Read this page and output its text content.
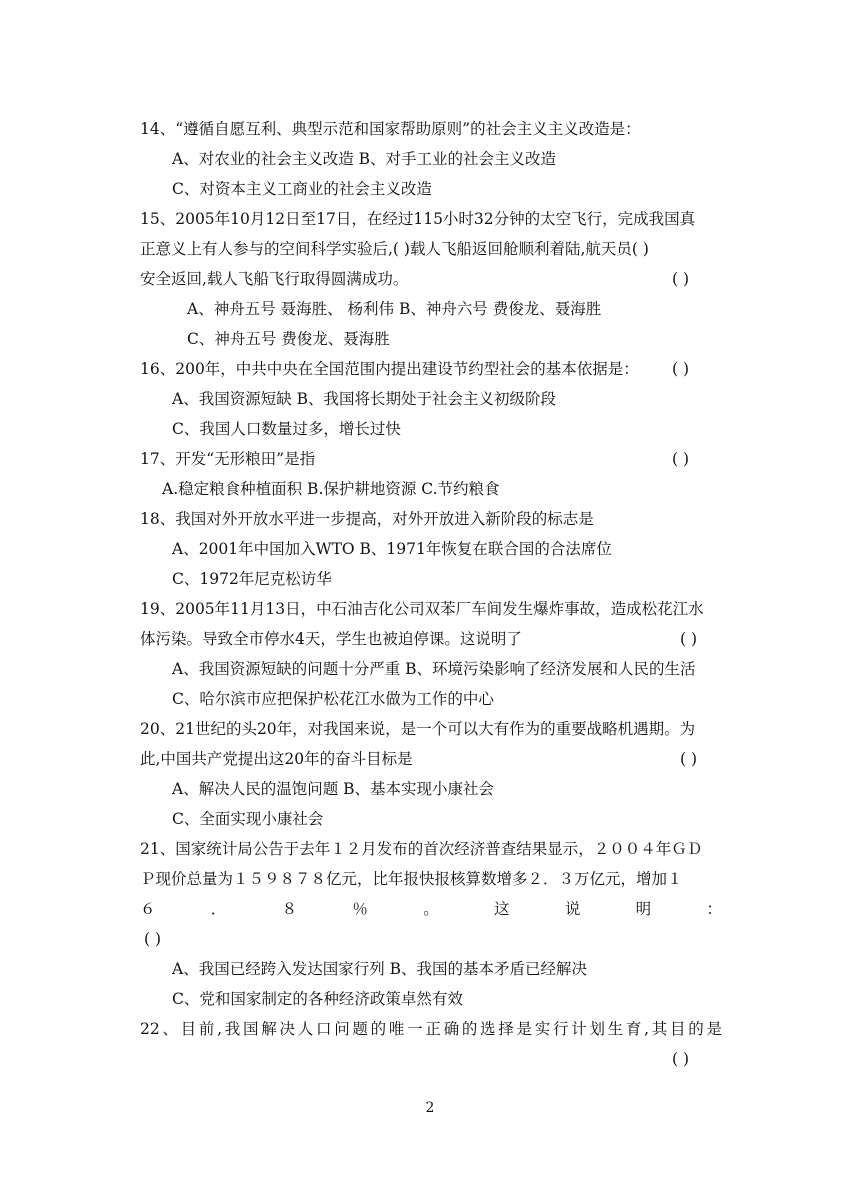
14、“遵循自愿互利、典型示范和国家帮助原则”的社会主义主义改造是：
A、对农业的社会主义改造 B、对手工业的社会主义改造
C、对资本主义工商业的社会主义改造
15、2005年10月12日至17日，在经过115小时32分钟的太空飞行，完成我国真
正意义上有人参与的空间科学实验后,( )载人飞船返回舱顺利着陆,航天员( )
安全返回,载人飞船飞行取得圆满成功。	( )
A、神舟五号 聂海胜、 杨利伟 B、神舟六号 费俊龙、聂海胜
C、神舟五号 费俊龙、聂海胜
16、200年，中共中央在全国范围内提出建设节约型社会的基本依据是： ( )
A、我国资源短缺 B、我国将长期处于社会主义初级阶段
C、我国人口数量过多，增长过快
17、开发“无形粮田”是指	( )
A.稳定粮食种植面积 B.保护耕地资源 C.节约粮食
18、我国对外开放水平进一步提高，对外开放进入新阶段的标志是
A、2001年中国加入WTO B、1971年恢复在联合国的合法席位
C、1972年尼克松访华
19、2005年11月13日，中石油吉化公司双苯厂车间发生爆炸事故，造成松花江水
体污染。导致全市停水4天，学生也被迫停课。这说明了	( )
A、我国资源短缺的问题十分严重 B、环境污染影响了经济发展和人民的生活
C、哈尔滨市应把保护松花江水做为工作的中心
20、21世纪的头20年，对我国来说，是一个可以大有作为的重要战略机遇期。为
此,中国共产党提出这20年的奋斗目标是	( )
A、解决人民的温饱问题 B、基本实现小康社会
C、全面实现小康社会
21、国家统计局公告于去年１２月发布的首次经济普查结果显示，２００４年ＧＤ
Ｐ现价总量为１５９８７８亿元，比年报快报核算数增多２．３万亿元，增加１
６．８％。这说明：
( )
A、我国已经跨入发达国家行列 B、我国的基本矛盾已经解决
C、党和国家制定的各种经济政策卓然有效
22、目前,我国解决人口问题的唯一正确的选择是实行计划生育,其目的是
( )
2
